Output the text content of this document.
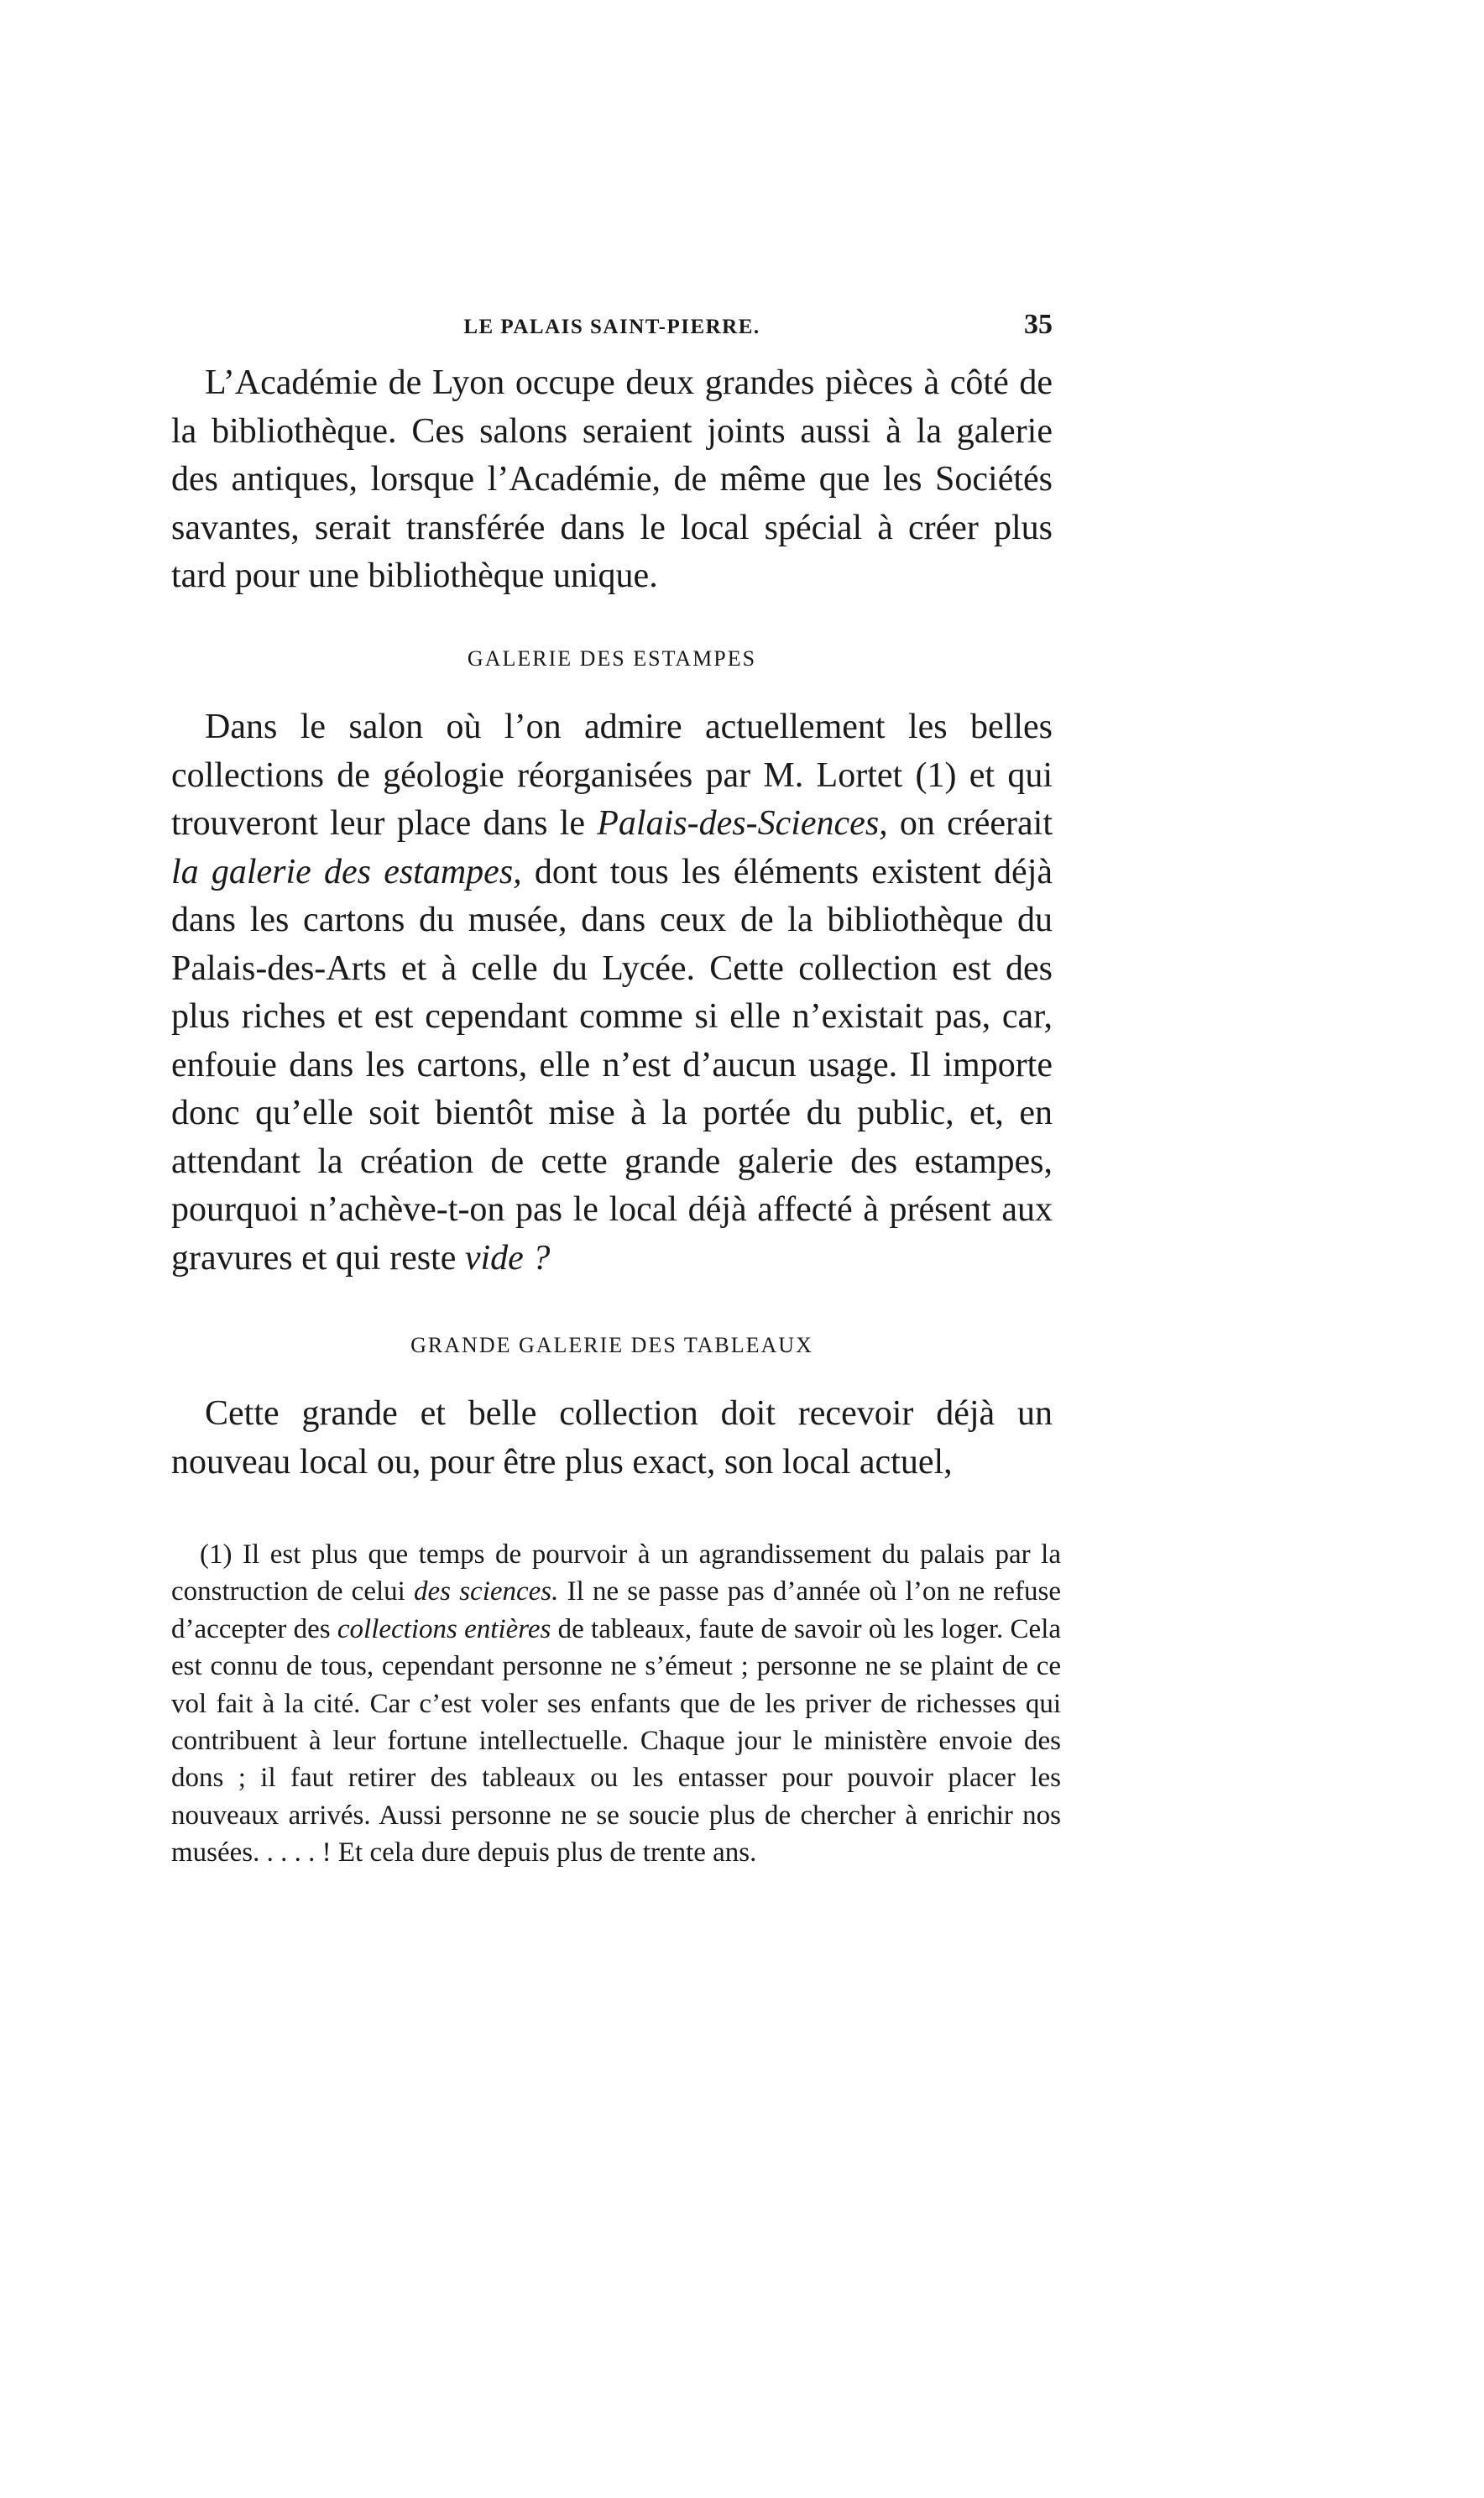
LE PALAIS SAINT-PIERRE.	35

L’Académie de Lyon occupe deux grandes pièces à côté de la bibliothèque. Ces salons seraient joints aussi à la galerie des antiques, lorsque l’Académie, de même que les Sociétés savantes, serait transférée dans le local spécial à créer plus tard pour une bibliothèque unique.

GALERIE DES ESTAMPES

Dans le salon où l’on admire actuellement les belles collections de géologie réorganisées par M. Lortet (1) et qui trouveront leur place dans le Palais-des-Sciences, on créerait la galerie des estampes, dont tous les éléments existent déjà dans les cartons du musée, dans ceux de la bibliothèque du Palais-des-Arts et à celle du Lycée. Cette collection est des plus riches et est cependant comme si elle n’existait pas, car, enfouie dans les cartons, elle n’est d’aucun usage. Il importe donc qu’elle soit bientôt mise à la portée du public, et, en attendant la création de cette grande galerie des estampes, pourquoi n’achève-t-on pas le local déjà affecté à présent aux gravures et qui reste vide ?

GRANDE GALERIE DES TABLEAUX

Cette grande et belle collection doit recevoir déjà un nouveau local ou, pour être plus exact, son local actuel,

(1) Il est plus que temps de pourvoir à un agrandissement du palais par la construction de celui des sciences. Il ne se passe pas d’année où l’on ne refuse d’accepter des collections entières de tableaux, faute de savoir où les loger. Cela est connu de tous, cependant personne ne s’émeut ; personne ne se plaint de ce vol fait à la cité. Car c’est voler ses enfants que de les priver de richesses qui contribuent à leur fortune intellectuelle. Chaque jour le ministère envoie des dons ; il faut retirer des tableaux ou les entasser pour pouvoir placer les nouveaux arrivés. Aussi personne ne se soucie plus de chercher à enrichir nos musées. . . . . ! Et cela dure depuis plus de trente ans.
